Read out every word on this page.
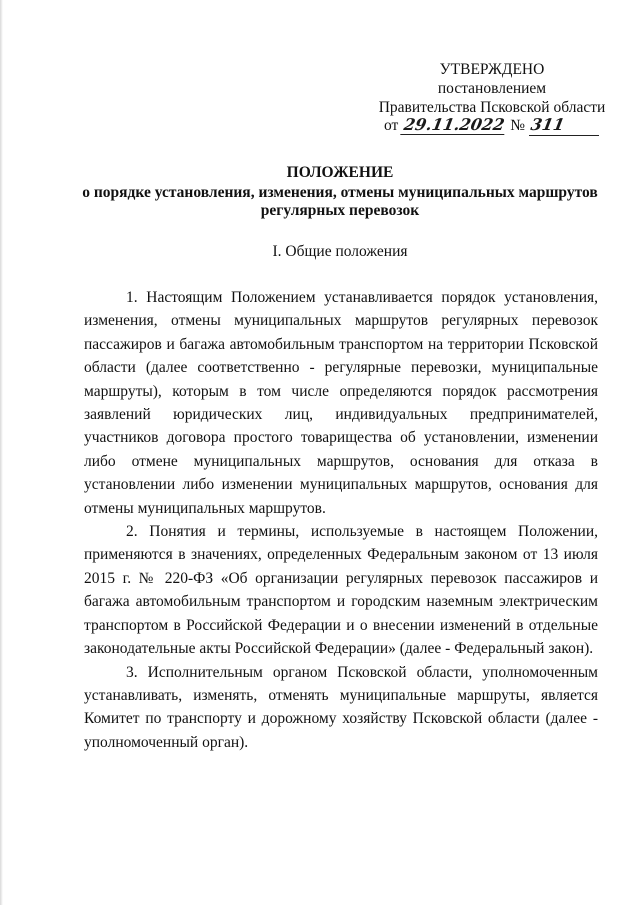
УТВЕРЖДЕНО
постановлением
Правительства Псковской области
от 29.11.2022 № 311
ПОЛОЖЕНИЕ
о порядке установления, изменения, отмены муниципальных маршрутов регулярных перевозок
I. Общие положения

1. Настоящим Положением устанавливается порядок установления, изменения, отмены муниципальных маршрутов регулярных перевозок пассажиров и багажа автомобильным транспортом на территории Псковской области (далее соответственно - регулярные перевозки, муниципальные маршруты), которым в том числе определяются порядок рассмотрения заявлений юридических лиц, индивидуальных предпринимателей, участников договора простого товарищества об установлении, изменении либо отмене муниципальных маршрутов, основания для отказа в установлении либо изменении муниципальных маршрутов, основания для отмены муниципальных маршрутов.

2. Понятия и термины, используемые в настоящем Положении, применяются в значениях, определенных Федеральным законом от 13 июля 2015 г. № 220-ФЗ «Об организации регулярных перевозок пассажиров и багажа автомобильным транспортом и городским наземным электрическим транспортом в Российской Федерации и о внесении изменений в отдельные законодательные акты Российской Федерации» (далее - Федеральный закон).

3. Исполнительным органом Псковской области, уполномоченным устанавливать, изменять, отменять муниципальные маршруты, является Комитет по транспорту и дорожному хозяйству Псковской области (далее - уполномоченный орган).
